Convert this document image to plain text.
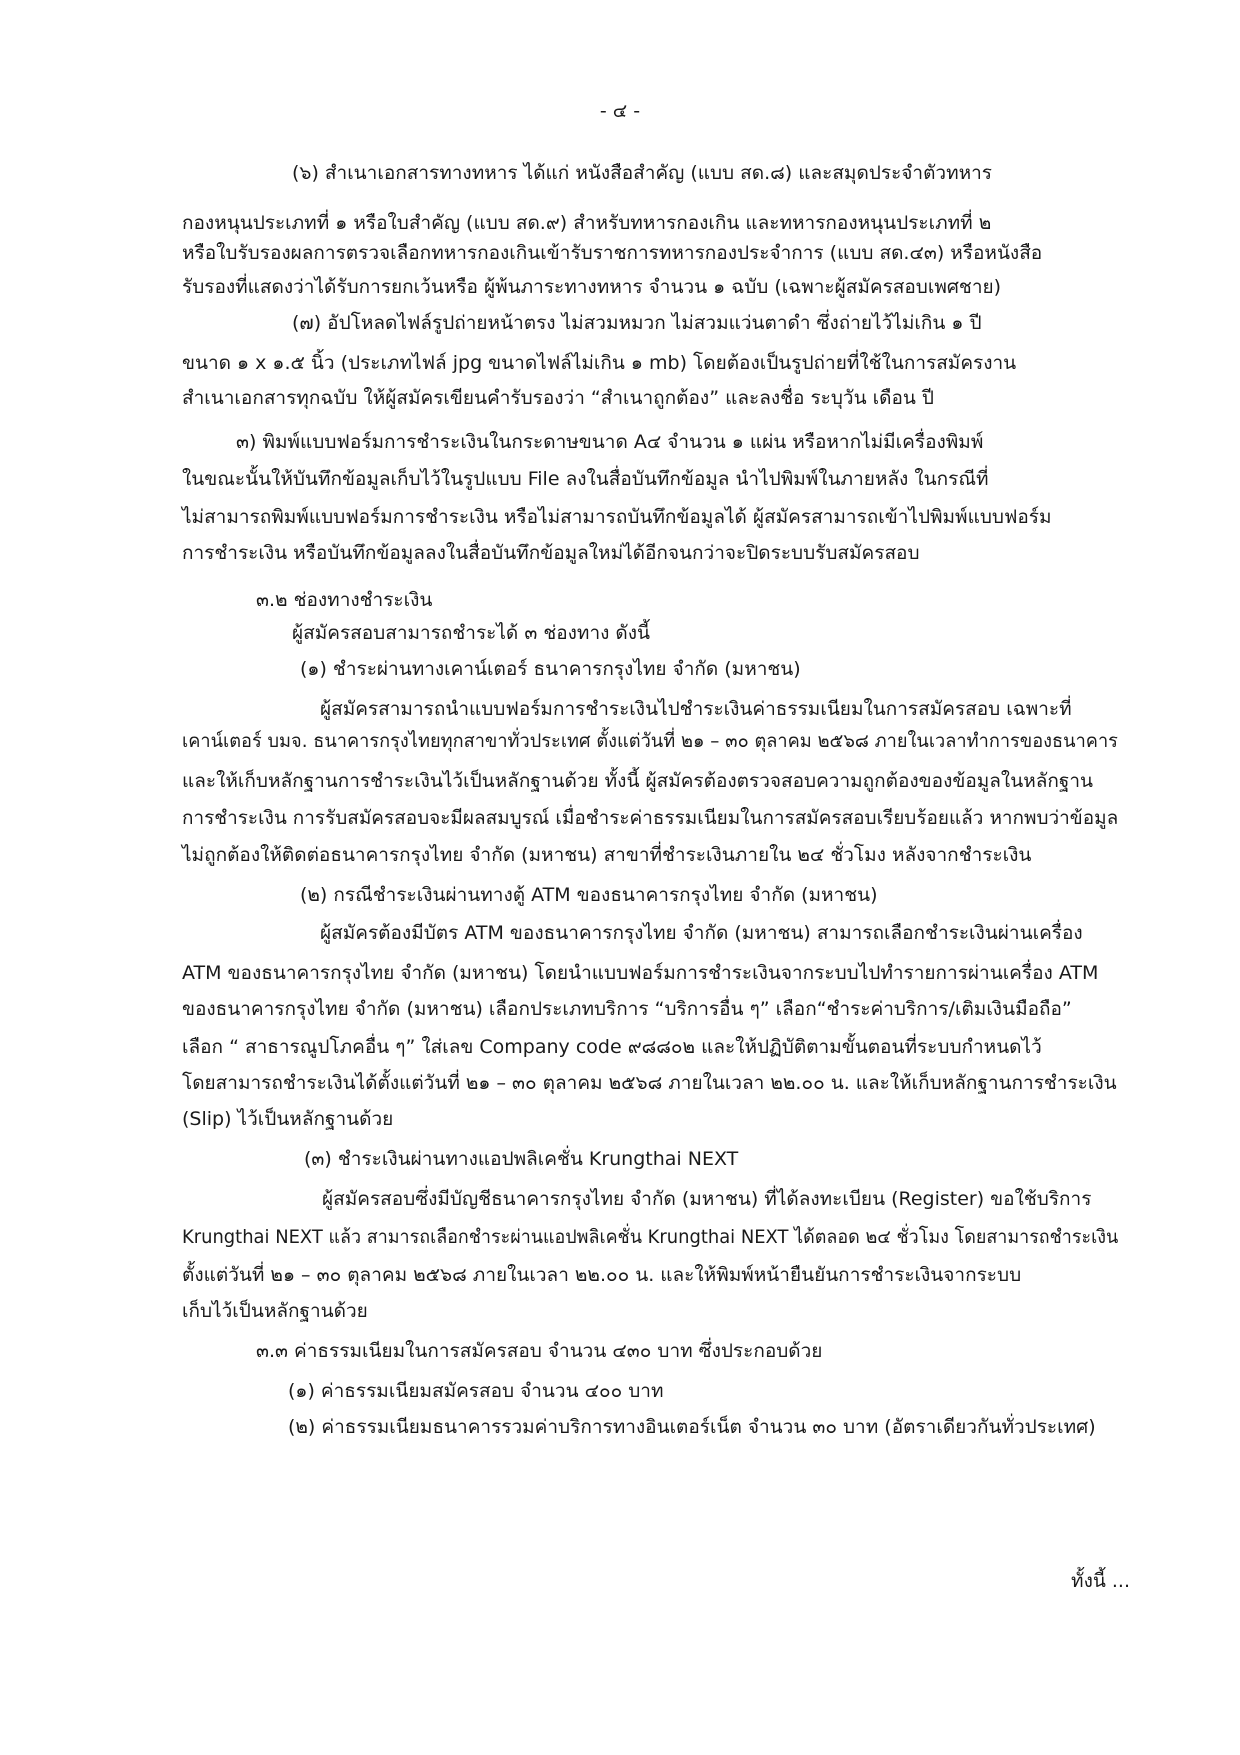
- ๔ -

(๖) สำเนาเอกสารทางทหาร ได้แก่ หนังสือสำคัญ (แบบ สด.๘) และสมุดประจำตัวทหาร

กองหนุนประเภทที่ ๑ หรือใบสำคัญ (แบบ สด.๙) สำหรับทหารกองเกิน และทหารกองหนุนประเภทที่ ๒

หรือใบรับรองผลการตรวจเลือกทหารกองเกินเข้ารับราชการทหารกองประจำการ (แบบ สด.๔๓) หรือหนังสือ

รับรองที่แสดงว่าได้รับการยกเว้นหรือ ผู้พ้นภาระทางทหาร จำนวน ๑ ฉบับ (เฉพาะผู้สมัครสอบเพศชาย)

(๗) อัปโหลดไฟล์รูปถ่ายหน้าตรง ไม่สวมหมวก ไม่สวมแว่นตาดำ ซึ่งถ่ายไว้ไม่เกิน ๑ ปี

ขนาด ๑ x ๑.๕ นิ้ว (ประเภทไฟล์ jpg ขนาดไฟล์ไม่เกิน ๑ mb) โดยต้องเป็นรูปถ่ายที่ใช้ในการสมัครงาน

สำเนาเอกสารทุกฉบับ ให้ผู้สมัครเขียนคำรับรองว่า “สำเนาถูกต้อง” และลงชื่อ ระบุวัน เดือน ปี

๓) พิมพ์แบบฟอร์มการชำระเงินในกระดาษขนาด A๔ จำนวน ๑ แผ่น หรือหากไม่มีเครื่องพิมพ์

ในขณะนั้นให้บันทึกข้อมูลเก็บไว้ในรูปแบบ File ลงในสื่อบันทึกข้อมูล นำไปพิมพ์ในภายหลัง ในกรณีที่

ไม่สามารถพิมพ์แบบฟอร์มการชำระเงิน หรือไม่สามารถบันทึกข้อมูลได้ ผู้สมัครสามารถเข้าไปพิมพ์แบบฟอร์ม

การชำระเงิน หรือบันทึกข้อมูลลงในสื่อบันทึกข้อมูลใหม่ได้อีกจนกว่าจะปิดระบบรับสมัครสอบ

๓.๒ ช่องทางชำระเงิน

ผู้สมัครสอบสามารถชำระได้ ๓ ช่องทาง ดังนี้

(๑) ชำระผ่านทางเคาน์เตอร์ ธนาคารกรุงไทย จำกัด (มหาชน)

ผู้สมัครสามารถนำแบบฟอร์มการชำระเงินไปชำระเงินค่าธรรมเนียมในการสมัครสอบ เฉพาะที่

เคาน์เตอร์ บมจ. ธนาคารกรุงไทยทุกสาขาทั่วประเทศ ตั้งแต่วันที่ ๒๑ – ๓๐ ตุลาคม ๒๕๖๘ ภายในเวลาทำการของธนาคาร

และให้เก็บหลักฐานการชำระเงินไว้เป็นหลักฐานด้วย ทั้งนี้ ผู้สมัครต้องตรวจสอบความถูกต้องของข้อมูลในหลักฐาน

การชำระเงิน การรับสมัครสอบจะมีผลสมบูรณ์ เมื่อชำระค่าธรรมเนียมในการสมัครสอบเรียบร้อยแล้ว หากพบว่าข้อมูล

ไม่ถูกต้องให้ติดต่อธนาคารกรุงไทย จำกัด (มหาชน) สาขาที่ชำระเงินภายใน ๒๔ ชั่วโมง หลังจากชำระเงิน

(๒) กรณีชำระเงินผ่านทางตู้ ATM ของธนาคารกรุงไทย จำกัด (มหาชน)

ผู้สมัครต้องมีบัตร ATM ของธนาคารกรุงไทย จำกัด (มหาชน) สามารถเลือกชำระเงินผ่านเครื่อง

ATM ของธนาคารกรุงไทย จำกัด (มหาชน) โดยนำแบบฟอร์มการชำระเงินจากระบบไปทำรายการผ่านเครื่อง ATM

ของธนาคารกรุงไทย จำกัด (มหาชน) เลือกประเภทบริการ “บริการอื่น ๆ” เลือก“ชำระค่าบริการ/เติมเงินมือถือ”

เลือก “ สาธารณูปโภคอื่น ๆ” ใส่เลข Company code ๙๘๘๐๒ และให้ปฏิบัติตามขั้นตอนที่ระบบกำหนดไว้

โดยสามารถชำระเงินได้ตั้งแต่วันที่ ๒๑ – ๓๐ ตุลาคม ๒๕๖๘ ภายในเวลา ๒๒.๐๐ น. และให้เก็บหลักฐานการชำระเงิน

(Slip) ไว้เป็นหลักฐานด้วย

(๓) ชำระเงินผ่านทางแอปพลิเคชั่น Krungthai NEXT

ผู้สมัครสอบซึ่งมีบัญชีธนาคารกรุงไทย จำกัด (มหาชน) ที่ได้ลงทะเบียน (Register) ขอใช้บริการ

Krungthai NEXT แล้ว สามารถเลือกชำระผ่านแอปพลิเคชั่น Krungthai NEXT ได้ตลอด ๒๔ ชั่วโมง โดยสามารถชำระเงิน

ตั้งแต่วันที่ ๒๑ – ๓๐ ตุลาคม ๒๕๖๘ ภายในเวลา ๒๒.๐๐ น. และให้พิมพ์หน้ายืนยันการชำระเงินจากระบบ

เก็บไว้เป็นหลักฐานด้วย

๓.๓ ค่าธรรมเนียมในการสมัครสอบ จำนวน ๔๓๐ บาท ซึ่งประกอบด้วย

(๑) ค่าธรรมเนียมสมัครสอบ จำนวน ๔๐๐ บาท

(๒) ค่าธรรมเนียมธนาคารรวมค่าบริการทางอินเตอร์เน็ต จำนวน ๓๐ บาท (อัตราเดียวกันทั่วประเทศ)

ทั้งนี้ ...
